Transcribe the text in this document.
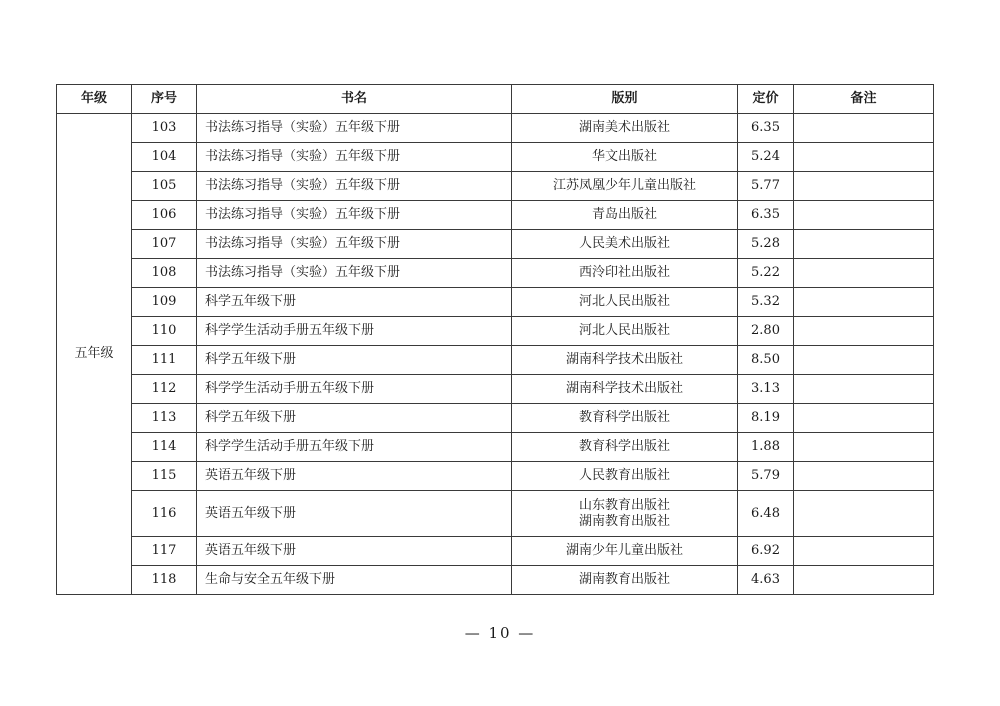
年级	序号	书名	版别	定价	备注
五年级	103	书法练习指导（实验）五年级下册	湖南美术出版社	6.35	
	104	书法练习指导（实验）五年级下册	华文出版社	5.24	
	105	书法练习指导（实验）五年级下册	江苏凤凰少年儿童出版社	5.77	
	106	书法练习指导（实验）五年级下册	青岛出版社	6.35	
	107	书法练习指导（实验）五年级下册	人民美术出版社	5.28	
	108	书法练习指导（实验）五年级下册	西泠印社出版社	5.22	
	109	科学五年级下册	河北人民出版社	5.32	
	110	科学学生活动手册五年级下册	河北人民出版社	2.80	
	111	科学五年级下册	湖南科学技术出版社	8.50	
	112	科学学生活动手册五年级下册	湖南科学技术出版社	3.13	
	113	科学五年级下册	教育科学出版社	8.19	
	114	科学学生活动手册五年级下册	教育科学出版社	1.88	
	115	英语五年级下册	人民教育出版社	5.79	
	116	英语五年级下册	山东教育出版社
湖南教育出版社	6.48	
	117	英语五年级下册	湖南少年儿童出版社	6.92	
	118	生命与安全五年级下册	湖南教育出版社	4.63	
— 10 —
